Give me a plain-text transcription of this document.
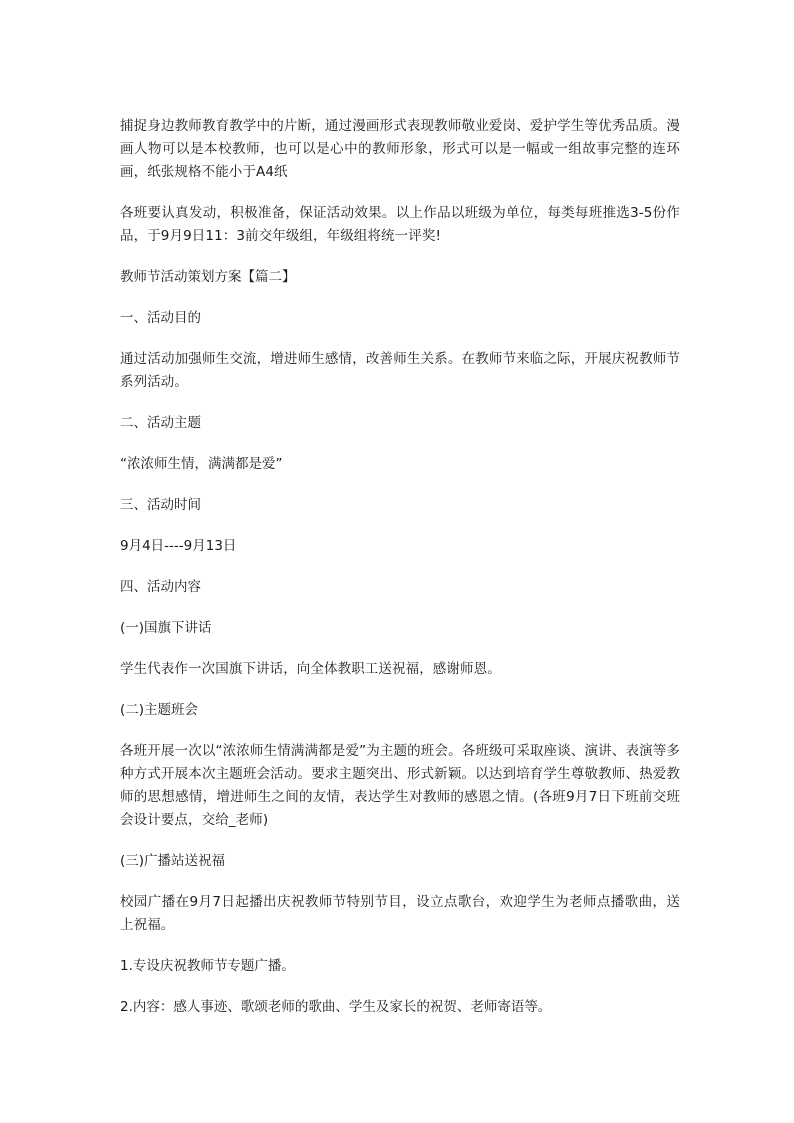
捕捉身边教师教育教学中的片断，通过漫画形式表现教师敬业爱岗、爱护学生等优秀品质。漫画人物可以是本校教师，也可以是心中的教师形象，形式可以是一幅或一组故事完整的连环画，纸张规格不能小于A4纸

各班要认真发动，积极准备，保证活动效果。以上作品以班级为单位，每类每班推选3-5份作品，于9月9日11：3前交年级组，年级组将统一评奖!

教师节活动策划方案【篇二】

一、活动目的

通过活动加强师生交流，增进师生感情，改善师生关系。在教师节来临之际，开展庆祝教师节系列活动。

二、活动主题

“浓浓师生情，满满都是爱”

三、活动时间

9月4日----9月13日

四、活动内容

(一)国旗下讲话

学生代表作一次国旗下讲话，向全体教职工送祝福，感谢师恩。

(二)主题班会

各班开展一次以“浓浓师生情满满都是爱”为主题的班会。各班级可采取座谈、演讲、表演等多种方式开展本次主题班会活动。要求主题突出、形式新颖。以达到培育学生尊敬教师、热爱教师的思想感情，增进师生之间的友情，表达学生对教师的感恩之情。(各班9月7日下班前交班会设计要点，交给_老师)

(三)广播站送祝福

校园广播在9月7日起播出庆祝教师节特别节目，设立点歌台，欢迎学生为老师点播歌曲，送上祝福。

1.专设庆祝教师节专题广播。

2.内容：感人事迹、歌颂老师的歌曲、学生及家长的祝贺、老师寄语等。
